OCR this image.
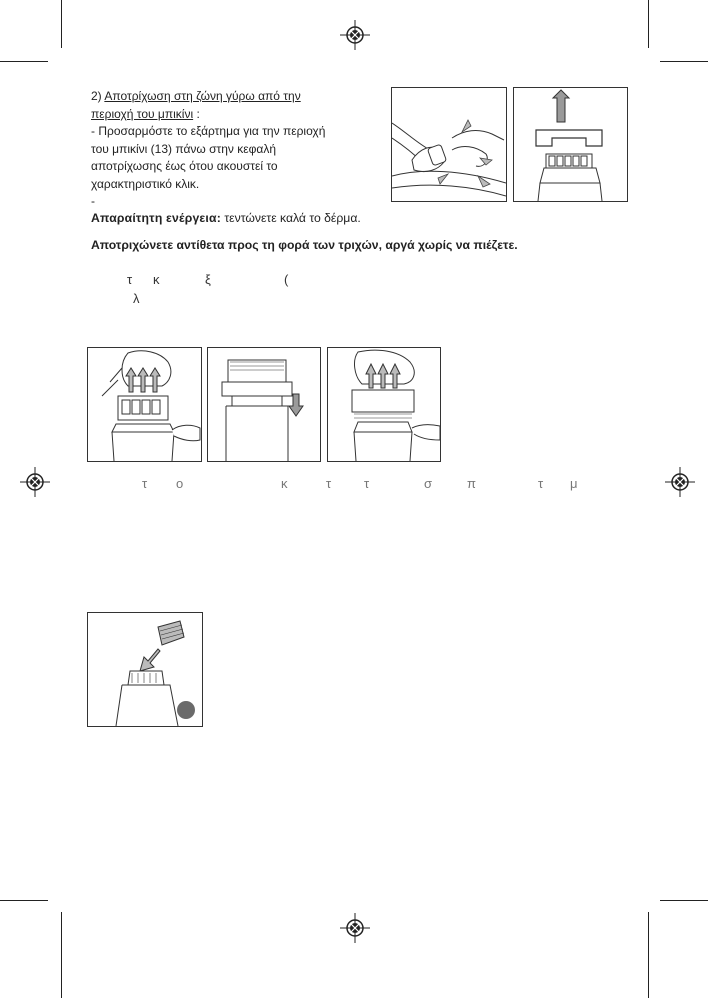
2) Αποτρίχωση στη ζώνη γύρω από την
περιοχή του μπικίνι :
- Προσαρμόστε το εξάρτημα για την περιοχή
του μπικίνι (13) πάνω στην κεφαλή
αποτρίχωσης έως ότου ακουστεί το
χαρακτηριστικό κλικ.
-
Απαραίτητη ενέργεια: τεντώνετε καλά το δέρμα.
Αποτριχώνετε αντίθετα προς τη φορά των τριχών, αργά χωρίς να πιέζετε.
τ κ	ξ	(
λ
τ ο	κ	τ	τ	σ	π	τ μ
